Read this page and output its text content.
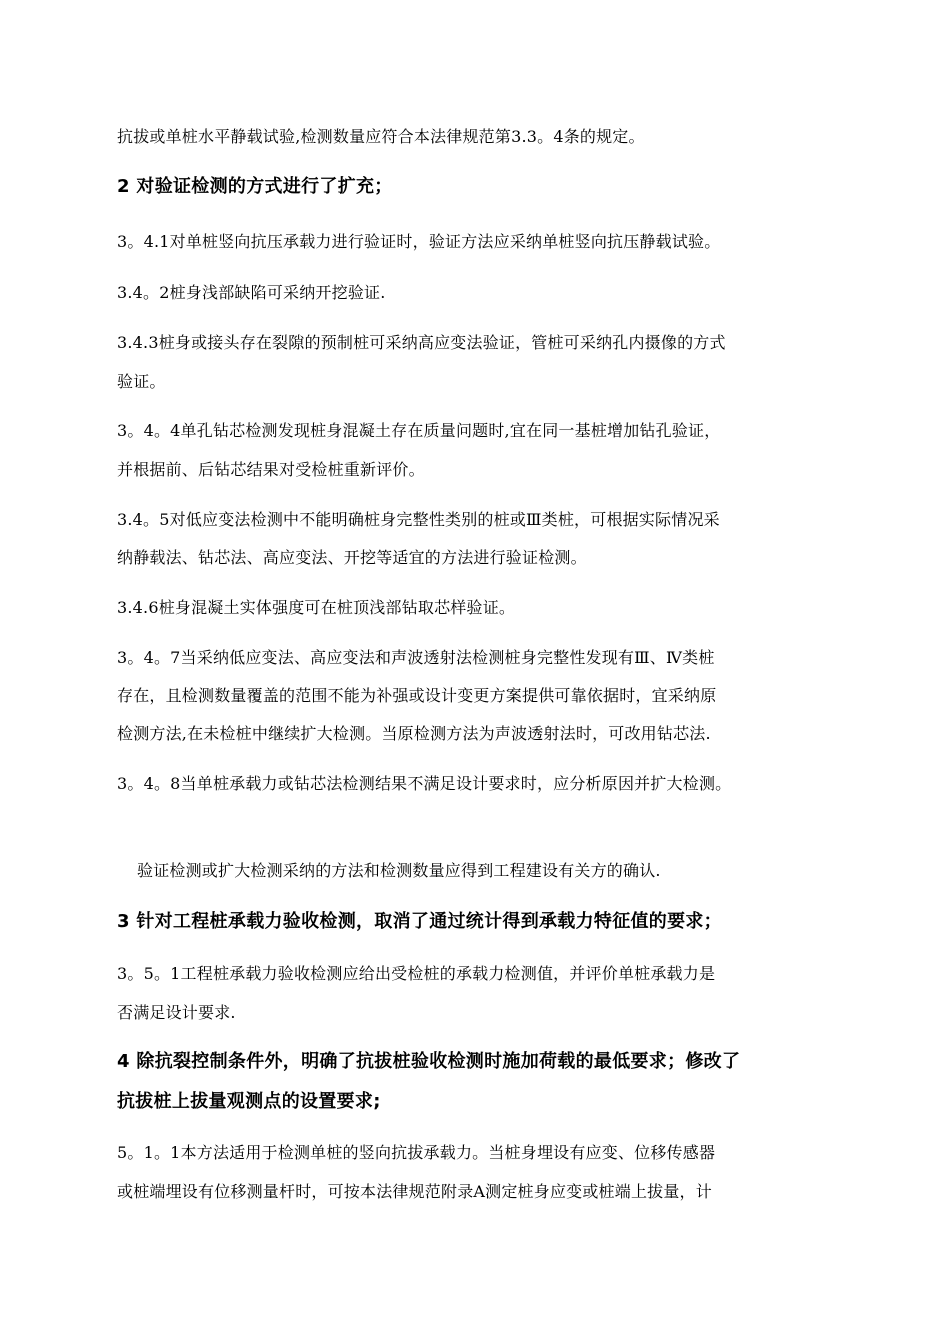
抗拔或单桩水平静载试验,检测数量应符合本法律规范第3.3。4条的规定。
2 对验证检测的方式进行了扩充；
3。4.1对单桩竖向抗压承载力进行验证时，验证方法应采纳单桩竖向抗压静载试验。
3.4。2桩身浅部缺陷可采纳开挖验证.
3.4.3桩身或接头存在裂隙的预制桩可采纳高应变法验证，管桩可采纳孔内摄像的方式
验证。
3。4。4单孔钻芯检测发现桩身混凝土存在质量问题时,宜在同一基桩增加钻孔验证，
并根据前、后钻芯结果对受检桩重新评价。
3.4。5对低应变法检测中不能明确桩身完整性类别的桩或Ⅲ类桩，可根据实际情况采
纳静载法、钻芯法、高应变法、开挖等适宜的方法进行验证检测。
3.4.6桩身混凝土实体强度可在桩顶浅部钻取芯样验证。
3。4。7当采纳低应变法、高应变法和声波透射法检测桩身完整性发现有Ⅲ、Ⅳ类桩
存在，且检测数量覆盖的范围不能为补强或设计变更方案提供可靠依据时，宜采纳原
检测方法,在未检桩中继续扩大检测。当原检测方法为声波透射法时，可改用钻芯法.
3。4。8当单桩承载力或钻芯法检测结果不满足设计要求时，应分析原因并扩大检测。
验证检测或扩大检测采纳的方法和检测数量应得到工程建设有关方的确认.
3 针对工程桩承载力验收检测，取消了通过统计得到承载力特征值的要求；
3。5。1工程桩承载力验收检测应给出受检桩的承载力检测值，并评价单桩承载力是
否满足设计要求.
4 除抗裂控制条件外，明确了抗拔桩验收检测时施加荷载的最低要求；修改了
抗拔桩上拔量观测点的设置要求;
5。1。1本方法适用于检测单桩的竖向抗拔承载力。当桩身埋设有应变、位移传感器
或桩端埋设有位移测量杆时，可按本法律规范附录A测定桩身应变或桩端上拔量，计
